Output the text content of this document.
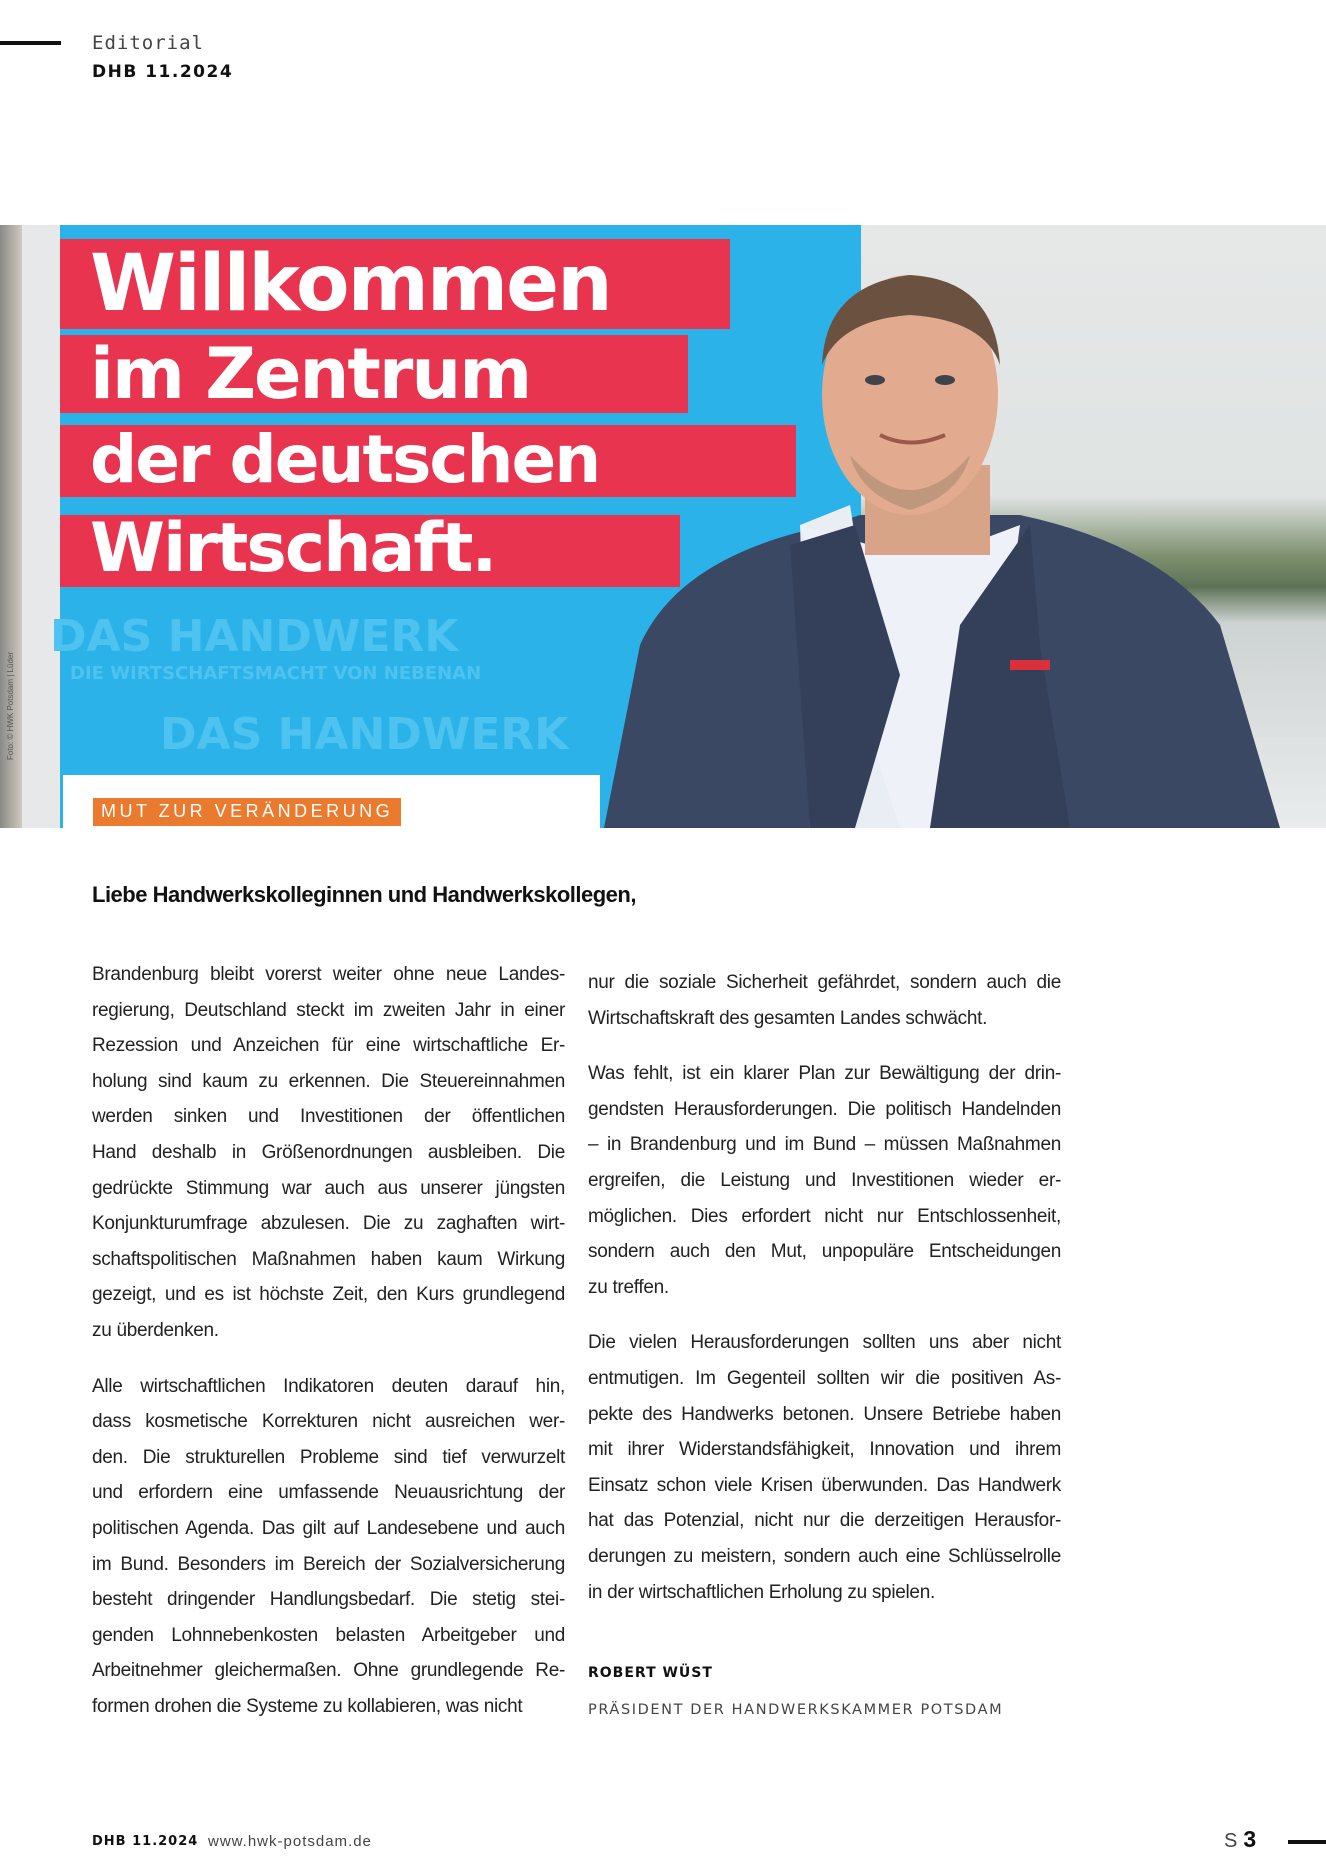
Editorial
DHB 11.2024
DAS HANDWERK
DIE WIRTSCHAFTSMACHT VON NEBENAN
DAS HANDWERK
Willkommen
im Zentrum
der deutschen
Wirtschaft.
Foto: © HWK Potsdam | Lüder
MUT ZUR VERÄNDERUNG
Liebe Handwerkskolleginnen und Handwerkskollegen,

Brandenburg bleibt vorerst weiter ohne neue Landes-
regierung, Deutschland steckt im zweiten Jahr in einer
Rezession und Anzeichen für eine wirtschaftliche Er-
holung sind kaum zu erkennen. Die Steuereinnahmen
werden sinken und Investitionen der öffentlichen
Hand deshalb in Größenordnungen ausbleiben. Die
gedrückte Stimmung war auch aus unserer jüngsten
Konjunkturumfrage abzulesen. Die zu zaghaften wirt-
schaftspolitischen Maßnahmen haben kaum Wirkung
gezeigt, und es ist höchste Zeit, den Kurs grundlegend
zu überdenken.

Alle wirtschaftlichen Indikatoren deuten darauf hin,
dass kosmetische Korrekturen nicht ausreichen wer-
den. Die strukturellen Probleme sind tief verwurzelt
und erfordern eine umfassende Neuausrichtung der
politischen Agenda. Das gilt auf Landesebene und auch
im Bund. Besonders im Bereich der Sozialversicherung
besteht dringender Handlungsbedarf. Die stetig stei-
genden Lohnnebenkosten belasten Arbeitgeber und
Arbeitnehmer gleichermaßen. Ohne grundlegende Re-
formen drohen die Systeme zu kollabieren, was nicht

nur die soziale Sicherheit gefährdet, sondern auch die
Wirtschaftskraft des gesamten Landes schwächt.

Was fehlt, ist ein klarer Plan zur Bewältigung der drin-
gendsten Herausforderungen. Die politisch Handelnden
– in Brandenburg und im Bund – müssen Maßnahmen
ergreifen, die Leistung und Investitionen wieder er-
möglichen. Dies erfordert nicht nur Entschlossenheit,
sondern auch den Mut, unpopuläre Entscheidungen
zu treffen.

Die vielen Herausforderungen sollten uns aber nicht
entmutigen. Im Gegenteil sollten wir die positiven As-
pekte des Handwerks betonen. Unsere Betriebe haben
mit ihrer Widerstandsfähigkeit, Innovation und ihrem
Einsatz schon viele Krisen überwunden. Das Handwerk
hat das Potenzial, nicht nur die derzeitigen Herausfor-
derungen zu meistern, sondern auch eine Schlüsselrolle
in der wirtschaftlichen Erholung zu spielen.

ROBERT WÜST
PRÄSIDENT DER HANDWERKSKAMMER POTSDAM
DHB 11.2024 www.hwk-potsdam.de	S 3
